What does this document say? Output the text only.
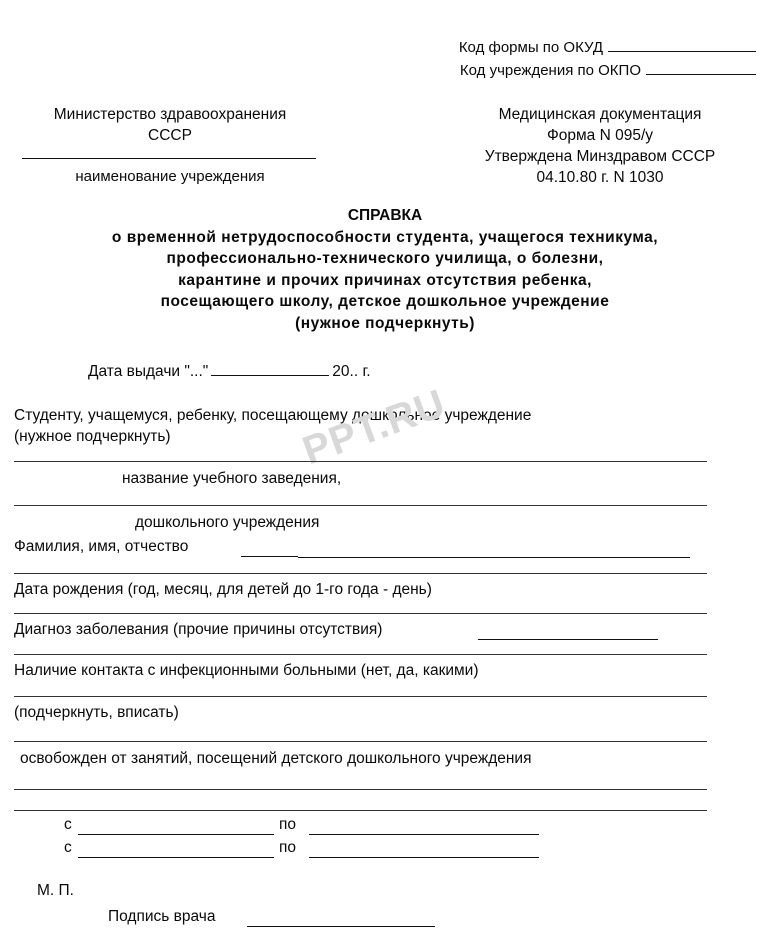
PPT.RU
Код формы по ОКУД
Код учреждения по ОКПО
Министерство здравоохранения
СССР
наименование учреждения
Медицинская документация
Форма N 095/у
Утверждена Минздравом СССР
04.10.80 г. N 1030
СПРАВКА
о временной нетрудоспособности студента, учащегося техникума,
профессионально-технического училища, о болезни,
карантине и прочих причинах отсутствия ребенка,
посещающего школу, детское дошкольное учреждение
(нужное подчеркнуть)
Дата выдачи "..."	20.. г.
Студенту, учащемуся, ребенку, посещающему дошкольное учреждение
(нужное подчеркнуть)
название учебного заведения,
дошкольного учреждения
Фамилия, имя, отчество
Дата рождения (год, месяц, для детей до 1-го года - день)
Диагноз заболевания (прочие причины отсутствия)
Наличие контакта с инфекционными больными (нет, да, какими)
(подчеркнуть, вписать)
освобожден от занятий, посещений детского дошкольного учреждения
с	по
с	по
М. П.
Подпись врача
